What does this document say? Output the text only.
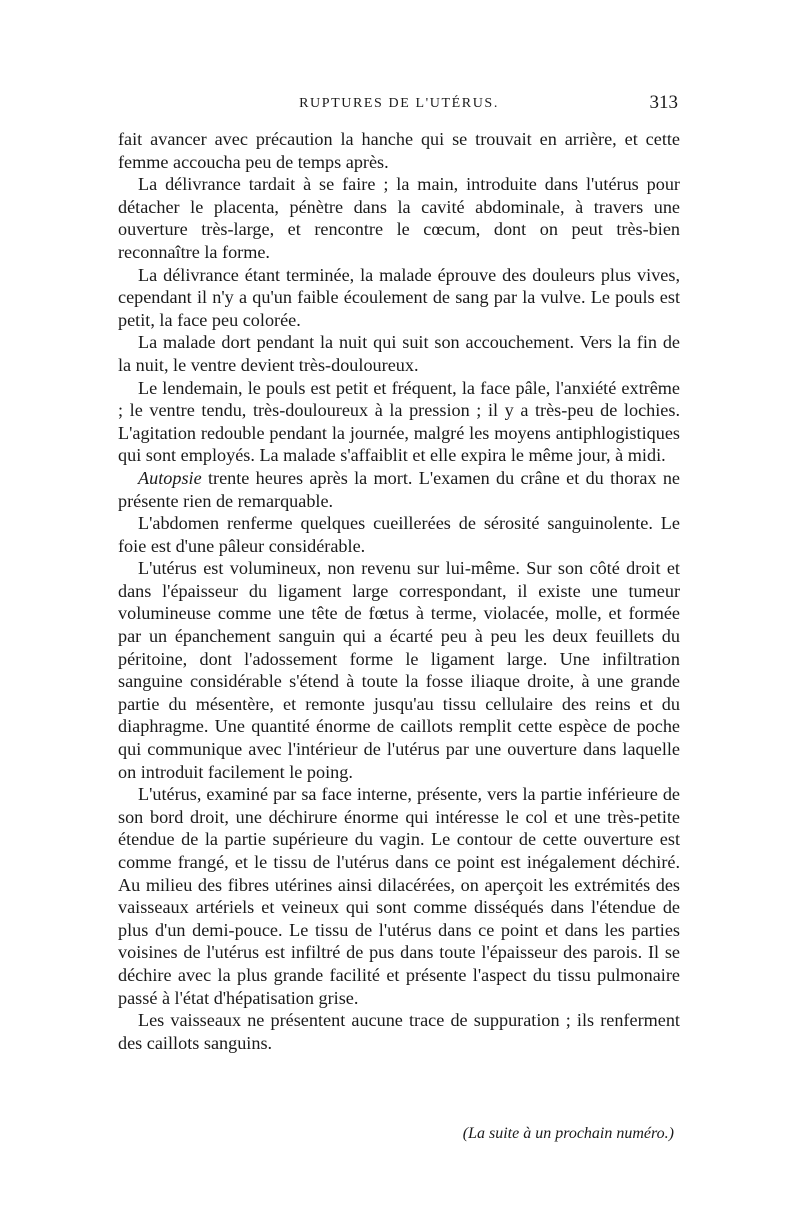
RUPTURES DE L'UTÉRUS.	313

fait avancer avec précaution la hanche qui se trouvait en arrière, et cette femme accoucha peu de temps après.

La délivrance tardait à se faire ; la main, introduite dans l'utérus pour détacher le placenta, pénètre dans la cavité abdominale, à travers une ouverture très-large, et rencontre le cœcum, dont on peut très-bien reconnaître la forme.

La délivrance étant terminée, la malade éprouve des douleurs plus vives, cependant il n'y a qu'un faible écoulement de sang par la vulve. Le pouls est petit, la face peu colorée.

La malade dort pendant la nuit qui suit son accouchement. Vers la fin de la nuit, le ventre devient très-douloureux.

Le lendemain, le pouls est petit et fréquent, la face pâle, l'anxiété extrême ; le ventre tendu, très-douloureux à la pression ; il y a très-peu de lochies. L'agitation redouble pendant la journée, malgré les moyens antiphlogistiques qui sont employés. La malade s'affaiblit et elle expira le même jour, à midi.

Autopsie trente heures après la mort. L'examen du crâne et du thorax ne présente rien de remarquable.

L'abdomen renferme quelques cueillerées de sérosité sanguinolente. Le foie est d'une pâleur considérable.

L'utérus est volumineux, non revenu sur lui-même. Sur son côté droit et dans l'épaisseur du ligament large correspondant, il existe une tumeur volumineuse comme une tête de fœtus à terme, violacée, molle, et formée par un épanchement sanguin qui a écarté peu à peu les deux feuillets du péritoine, dont l'adossement forme le ligament large. Une infiltration sanguine considérable s'étend à toute la fosse iliaque droite, à une grande partie du mésentère, et remonte jusqu'au tissu cellulaire des reins et du diaphragme. Une quantité énorme de caillots remplit cette espèce de poche qui communique avec l'intérieur de l'utérus par une ouverture dans laquelle on introduit facilement le poing.

L'utérus, examiné par sa face interne, présente, vers la partie inférieure de son bord droit, une déchirure énorme qui intéresse le col et une très-petite étendue de la partie supérieure du vagin. Le contour de cette ouverture est comme frangé, et le tissu de l'utérus dans ce point est inégalement déchiré. Au milieu des fibres utérines ainsi dilacérées, on aperçoit les extrémités des vaisseaux artériels et veineux qui sont comme disséqués dans l'étendue de plus d'un demi-pouce. Le tissu de l'utérus dans ce point et dans les parties voisines de l'utérus est infiltré de pus dans toute l'épaisseur des parois. Il se déchire avec la plus grande facilité et présente l'aspect du tissu pulmonaire passé à l'état d'hépatisation grise.

Les vaisseaux ne présentent aucune trace de suppuration ; ils renferment des caillots sanguins.

(La suite à un prochain numéro.)
